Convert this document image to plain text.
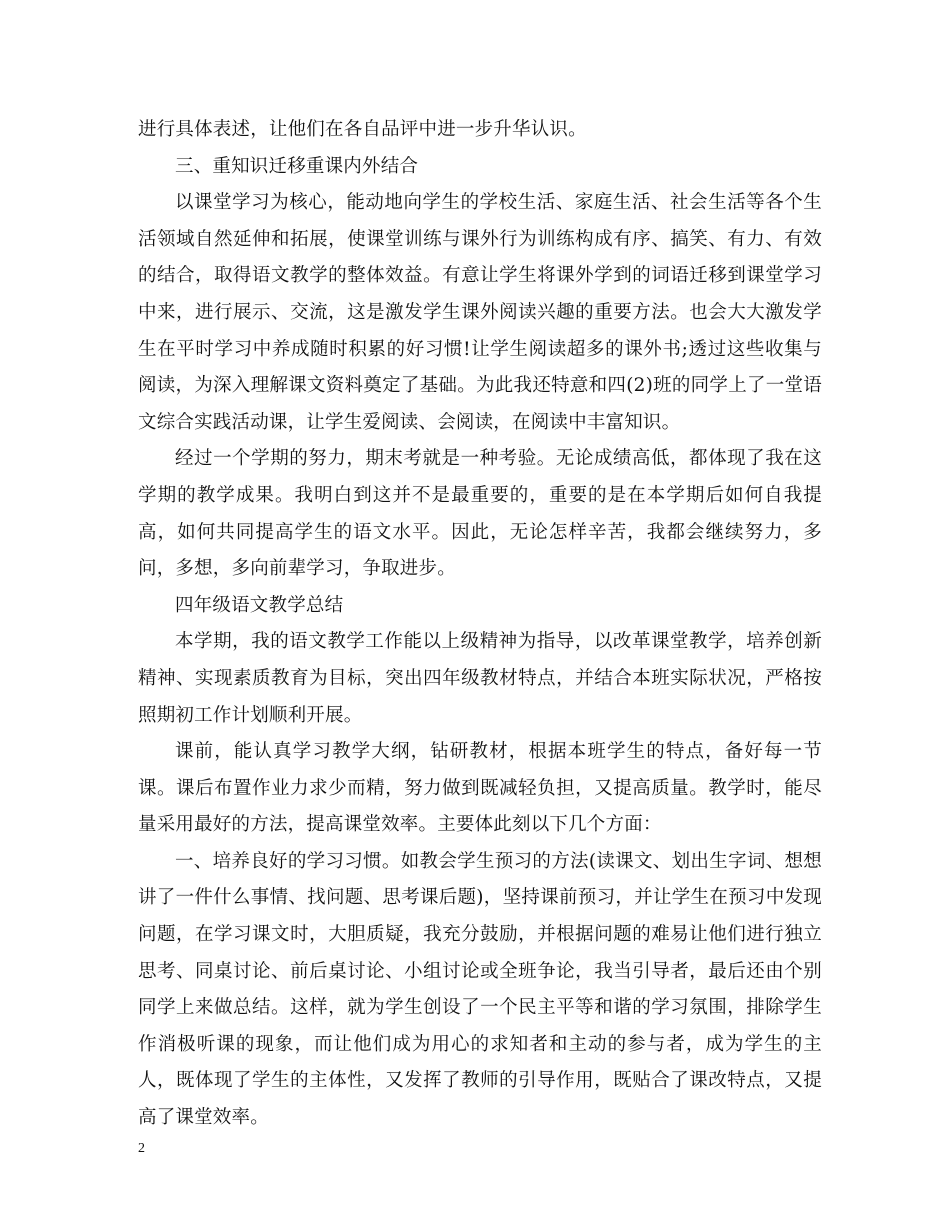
进行具体表述，让他们在各自品评中进一步升华认识。

三、重知识迁移重课内外结合

以课堂学习为核心，能动地向学生的学校生活、家庭生活、社会生活等各个生活领域自然延伸和拓展，使课堂训练与课外行为训练构成有序、搞笑、有力、有效的结合，取得语文教学的整体效益。有意让学生将课外学到的词语迁移到课堂学习中来，进行展示、交流，这是激发学生课外阅读兴趣的重要方法。也会大大激发学生在平时学习中养成随时积累的好习惯!让学生阅读超多的课外书;透过这些收集与阅读，为深入理解课文资料奠定了基础。为此我还特意和四(2)班的同学上了一堂语文综合实践活动课，让学生爱阅读、会阅读，在阅读中丰富知识。

经过一个学期的努力，期末考就是一种考验。无论成绩高低，都体现了我在这学期的教学成果。我明白到这并不是最重要的，重要的是在本学期后如何自我提高，如何共同提高学生的语文水平。因此，无论怎样辛苦，我都会继续努力，多问，多想，多向前辈学习，争取进步。

四年级语文教学总结

本学期，我的语文教学工作能以上级精神为指导，以改革课堂教学，培养创新精神、实现素质教育为目标，突出四年级教材特点，并结合本班实际状况，严格按照期初工作计划顺利开展。

课前，能认真学习教学大纲，钻研教材，根据本班学生的特点，备好每一节课。课后布置作业力求少而精，努力做到既减轻负担，又提高质量。教学时，能尽量采用最好的方法，提高课堂效率。主要体此刻以下几个方面：

一、培养良好的学习习惯。如教会学生预习的方法(读课文、划出生字词、想想讲了一件什么事情、找问题、思考课后题)，坚持课前预习，并让学生在预习中发现问题，在学习课文时，大胆质疑，我充分鼓励，并根据问题的难易让他们进行独立思考、同桌讨论、前后桌讨论、小组讨论或全班争论，我当引导者，最后还由个别同学上来做总结。这样，就为学生创设了一个民主平等和谐的学习氛围，排除学生作消极听课的现象，而让他们成为用心的求知者和主动的参与者，成为学生的主人，既体现了学生的主体性，又发挥了教师的引导作用，既贴合了课改特点，又提高了课堂效率。

2
